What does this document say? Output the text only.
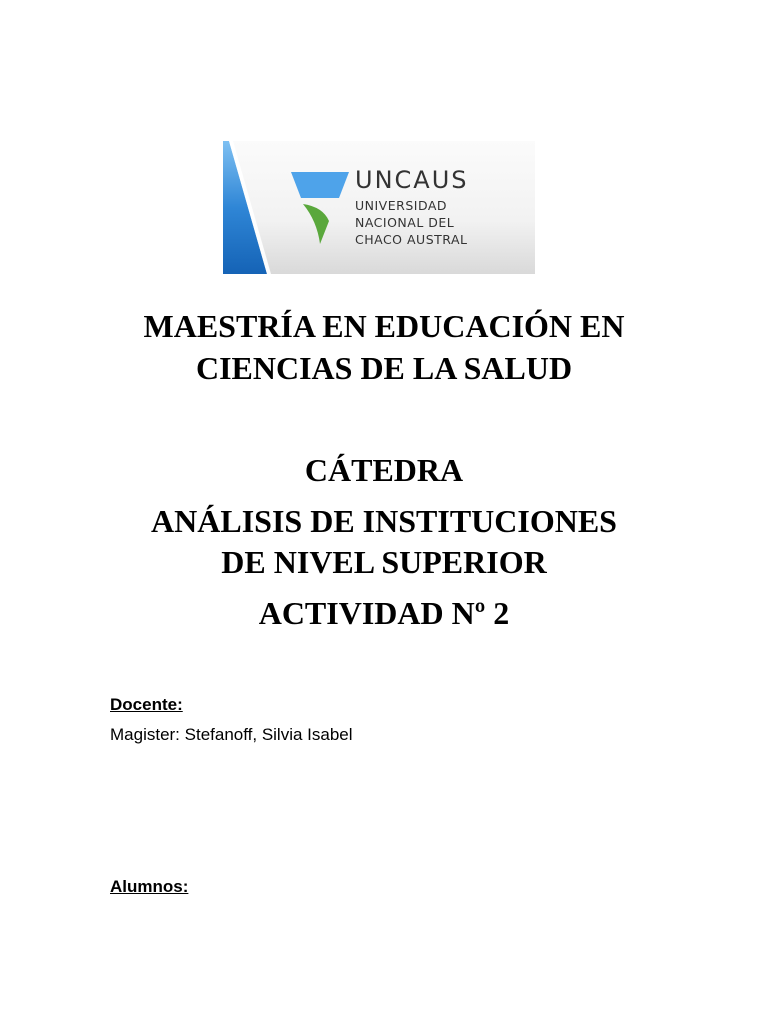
UNCAUS
UNIVERSIDAD
NACIONAL DEL
CHACO AUSTRAL
MAESTRÍA EN EDUCACIÓN EN
CIENCIAS DE LA SALUD
CÁTEDRA
ANÁLISIS DE INSTITUCIONES
DE NIVEL SUPERIOR
ACTIVIDAD Nº 2
Docente:
Magister: Stefanoff, Silvia Isabel
Alumnos:
